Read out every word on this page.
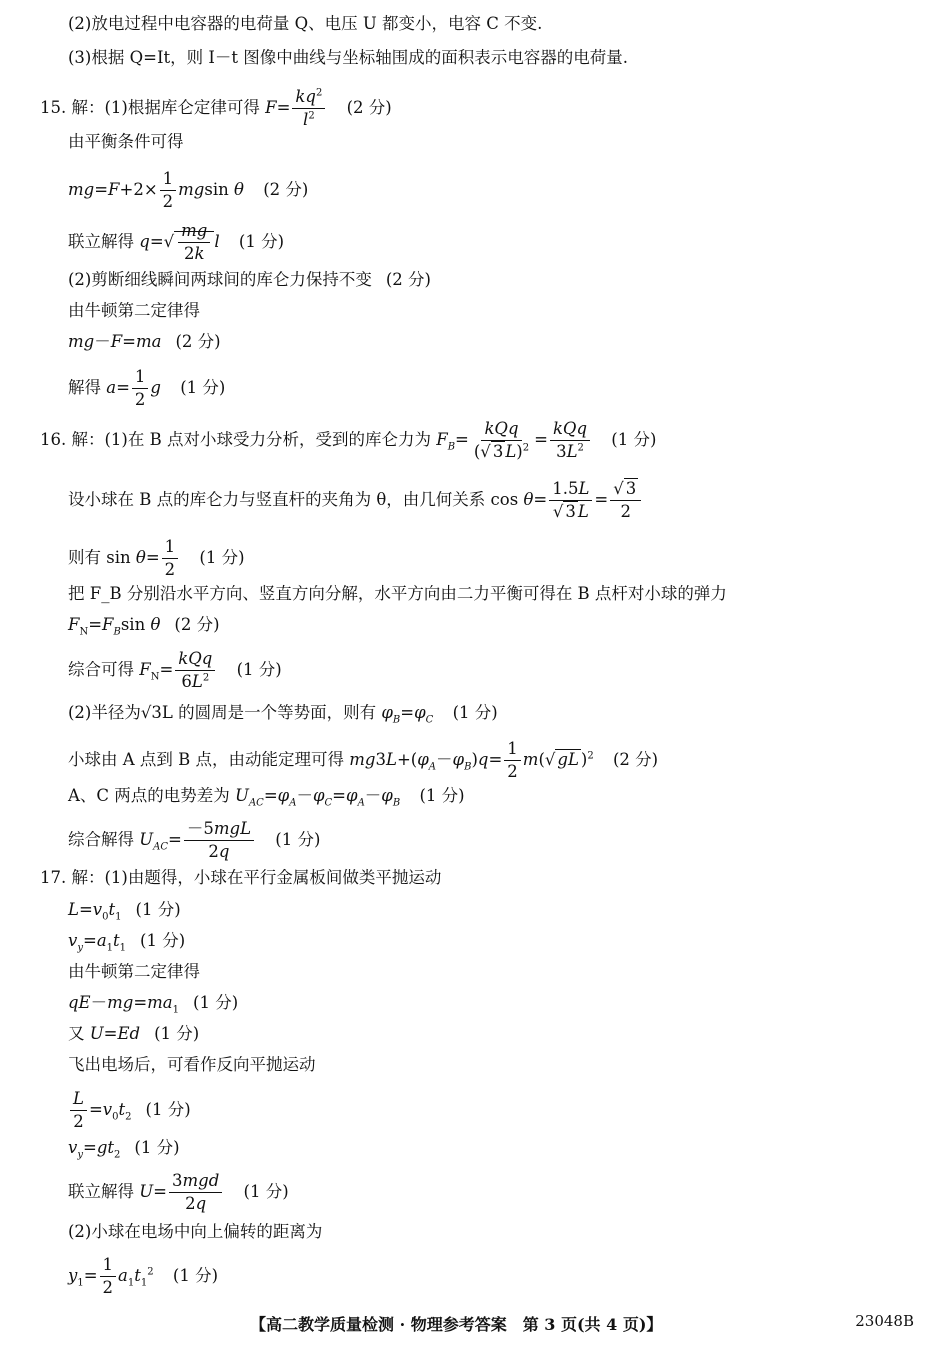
(2)放电过程中电容器的电荷量 Q、电压 U 都变小，电容 C 不变.
(3)根据 Q=It，则 I－t 图像中曲线与坐标轴围成的面积表示电容器的电荷量.
15. 解：(1)根据库仑定律可得 $F= \frac{kq^2}{l^2} (2$ 分)
由平衡条件可得
$mg=F+2\times \frac{1}{2}$ mgsin θ (2 分)
联立解得 $q=√ \frac{mg}{2k}$ l (1 分)
(2)剪断细线瞬间两球间的库仑力保持不变 (2 分)
由牛顿第二定律得
mg－F=ma (2 分)
解得 $a= \frac{1}{2}$ g (1 分)
16. 解：(1)在 B 点对小球受力分析，受到的库仑力为 $F_B= \frac{\text{kQq}}{(√ 3 L)^2} = \frac{\text{kQq}}{3L^2} (1$ 分)
设小球在 B 点的库仑力与竖直杆的夹角为 θ，由几何关系 $\cos \theta= \frac{1.5L}{√ 3 L} = \frac{√ 3}{2}$
则有 $\sin \theta= \frac{1}{2} (1$ 分)
把 F_B 分别沿水平方向、竖直方向分解，水平方向由二力平衡可得在 B 点杆对小球的弹力
$F_N=F_B\sin$ θ (2 分)
综合可得 $F_N= \frac{\text{kQq}}{6L^2} (1$ 分)
(2)半径为√3L 的圆周是一个等势面，则有 $\varphi_B=\varphi_C$ (1 分)
小球由 A 点到 B 点，由动能定理可得 $mg3L+(\varphi_A-\varphi_B)q= \frac{1}{2} m(√$ gL )$^2$ (2 分)
A、C 两点的电势差为 $U_{AC}=\varphi_A-\varphi_C=\varphi_A-\varphi_B$ (1 分)
综合解得 $U_{AC}= \frac{\text{－5mgL}}{2q} (1$ 分)
17. 解：(1)由题得，小球在平行金属板间做类平抛运动
$L=v_0t_1$ (1 分)
$v_y=a_1t_1$ (1 分)
由牛顿第二定律得
$qE-mg=ma_1$ (1 分)
又 U=Ed (1 分)
飞出电场后，可看作反向平抛运动
$\frac{L}{2} =v_0t_2$ (1 分)
$v_y=gt_2$ (1 分)
联立解得 $U= \frac{\text{3mgd}}{2q} (1$ 分)
(2)小球在电场中向上偏转的距离为
$y_1= \frac{1}{2} a_1t_1^2$ (1 分)
【高二教学质量检测 · 物理参考答案　第 3 页(共 4 页)】	23048B
